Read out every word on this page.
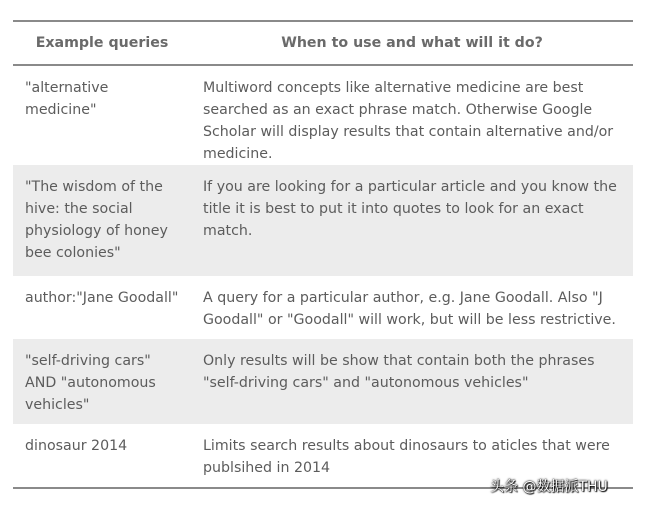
Example queries	When to use and what will it do?
"alternative medicine"	Multiword concepts like alternative medicine are best searched as an exact phrase match. Otherwise Google Scholar will display results that contain alternative and/or medicine.
"The wisdom of the hive: the social physiology of honey bee colonies"	If you are looking for a particular article and you know the title it is best to put it into quotes to look for an exact match.
author:"Jane Goodall"	A query for a particular author, e.g. Jane Goodall. Also "J Goodall" or "Goodall" will work, but will be less restrictive.
"self-driving cars" AND "autonomous vehicles"	Only results will be show that contain both the phrases "self-driving cars" and "autonomous vehicles"
dinosaur 2014	Limits search results about dinosaurs to aticles that were publsihed in 2014
头条 @数据派THU
